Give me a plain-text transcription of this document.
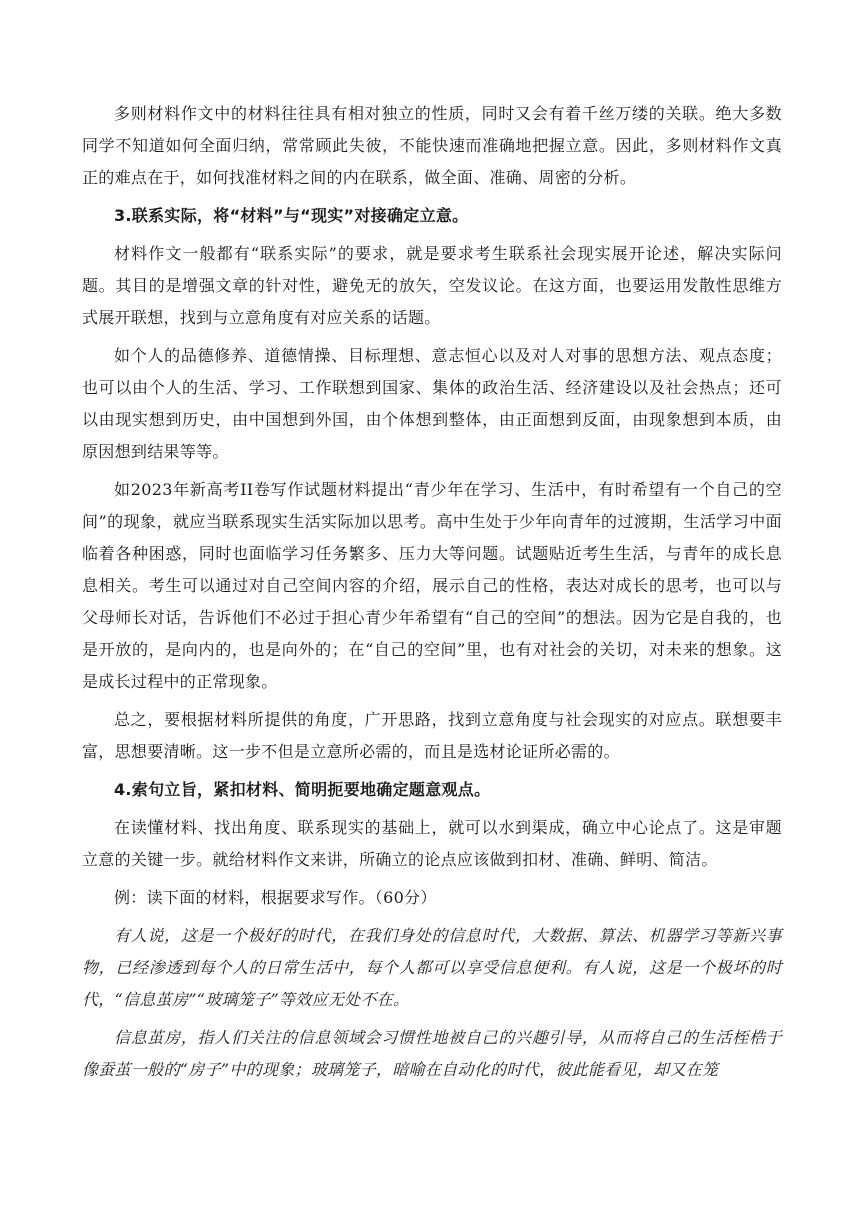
多则材料作文中的材料往往具有相对独立的性质，同时又会有着千丝万缕的关联。绝大多数同学不知道如何全面归纳，常常顾此失彼，不能快速而准确地把握立意。因此，多则材料作文真正的难点在于，如何找准材料之间的内在联系，做全面、准确、周密的分析。

3.联系实际，将“材料”与“现实”对接确定立意。

材料作文一般都有“联系实际”的要求，就是要求考生联系社会现实展开论述，解决实际问题。其目的是增强文章的针对性，避免无的放矢，空发议论。在这方面，也要运用发散性思维方式展开联想，找到与立意角度有对应关系的话题。

如个人的品德修养、道德情操、目标理想、意志恒心以及对人对事的思想方法、观点态度；也可以由个人的生活、学习、工作联想到国家、集体的政治生活、经济建设以及社会热点；还可以由现实想到历史，由中国想到外国，由个体想到整体，由正面想到反面，由现象想到本质，由原因想到结果等等。

如2023年新高考II卷写作试题材料提出“青少年在学习、生活中，有时希望有一个自己的空间”的现象，就应当联系现实生活实际加以思考。高中生处于少年向青年的过渡期，生活学习中面临着各种困惑，同时也面临学习任务繁多、压力大等问题。试题贴近考生生活，与青年的成长息息相关。考生可以通过对自己空间内容的介绍，展示自己的性格，表达对成长的思考，也可以与父母师长对话，告诉他们不必过于担心青少年希望有“自己的空间”的想法。因为它是自我的，也是开放的，是向内的，也是向外的；在“自己的空间”里，也有对社会的关切，对未来的想象。这是成长过程中的正常现象。

总之，要根据材料所提供的角度，广开思路，找到立意角度与社会现实的对应点。联想要丰富，思想要清晰。这一步不但是立意所必需的，而且是选材论证所必需的。

4.索句立旨，紧扣材料、简明扼要地确定题意观点。

在读懂材料、找出角度、联系现实的基础上，就可以水到渠成，确立中心论点了。这是审题立意的关键一步。就给材料作文来讲，所确立的论点应该做到扣材、准确、鲜明、简洁。

例：读下面的材料，根据要求写作。（60分）

有人说，这是一个极好的时代，在我们身处的信息时代，大数据、算法、机器学习等新兴事物，已经渗透到每个人的日常生活中，每个人都可以享受信息便利。有人说，这是一个极坏的时代，“信息茧房”“玻璃笼子”等效应无处不在。

信息茧房，指人们关注的信息领域会习惯性地被自己的兴趣引导，从而将自己的生活桎梏于像蚕茧一般的“房子”中的现象；玻璃笼子，暗喻在自动化的时代，彼此能看见，却又在笼
